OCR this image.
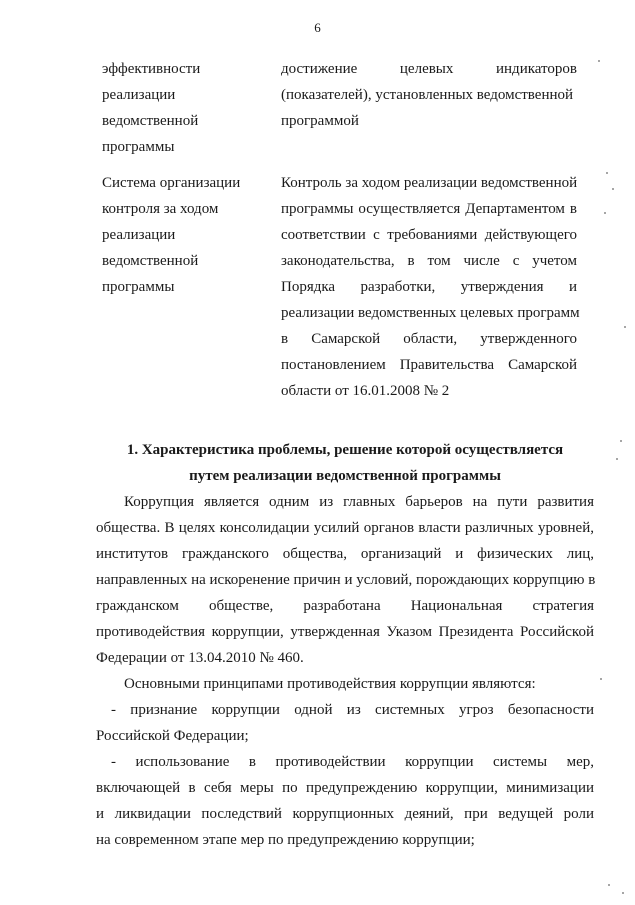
6
эффективности
реализации
ведомственной
программы
достижение целевых индикаторов
(показателей), установленных ведомственной
программой
Система организации
контроля за ходом
реализации
ведомственной
программы
Контроль за ходом реализации ведомственной
программы осуществляется Департаментом в
соответствии с требованиями действующего
законодательства, в том числе с учетом
Порядка разработки, утверждения и
реализации ведомственных целевых программ
в Самарской области, утвержденного
постановлением Правительства Самарской
области от 16.01.2008 № 2
1. Характеристика проблемы, решение которой осуществляется
путем реализации ведомственной программы
Коррупция является одним из главных барьеров на пути развития
общества. В целях консолидации усилий органов власти различных уровней,
институтов гражданского общества, организаций и физических лиц,
направленных на искоренение причин и условий, порождающих коррупцию в
гражданском обществе, разработана Национальная стратегия
противодействия коррупции, утвержденная Указом Президента Российской
Федерации от 13.04.2010 № 460.
Основными принципами противодействия коррупции являются:
- признание коррупции одной из системных угроз безопасности
Российской Федерации;
- использование в противодействии коррупции системы мер,
включающей в себя меры по предупреждению коррупции, минимизации
и ликвидации последствий коррупционных деяний, при ведущей роли
на современном этапе мер по предупреждению коррупции;
